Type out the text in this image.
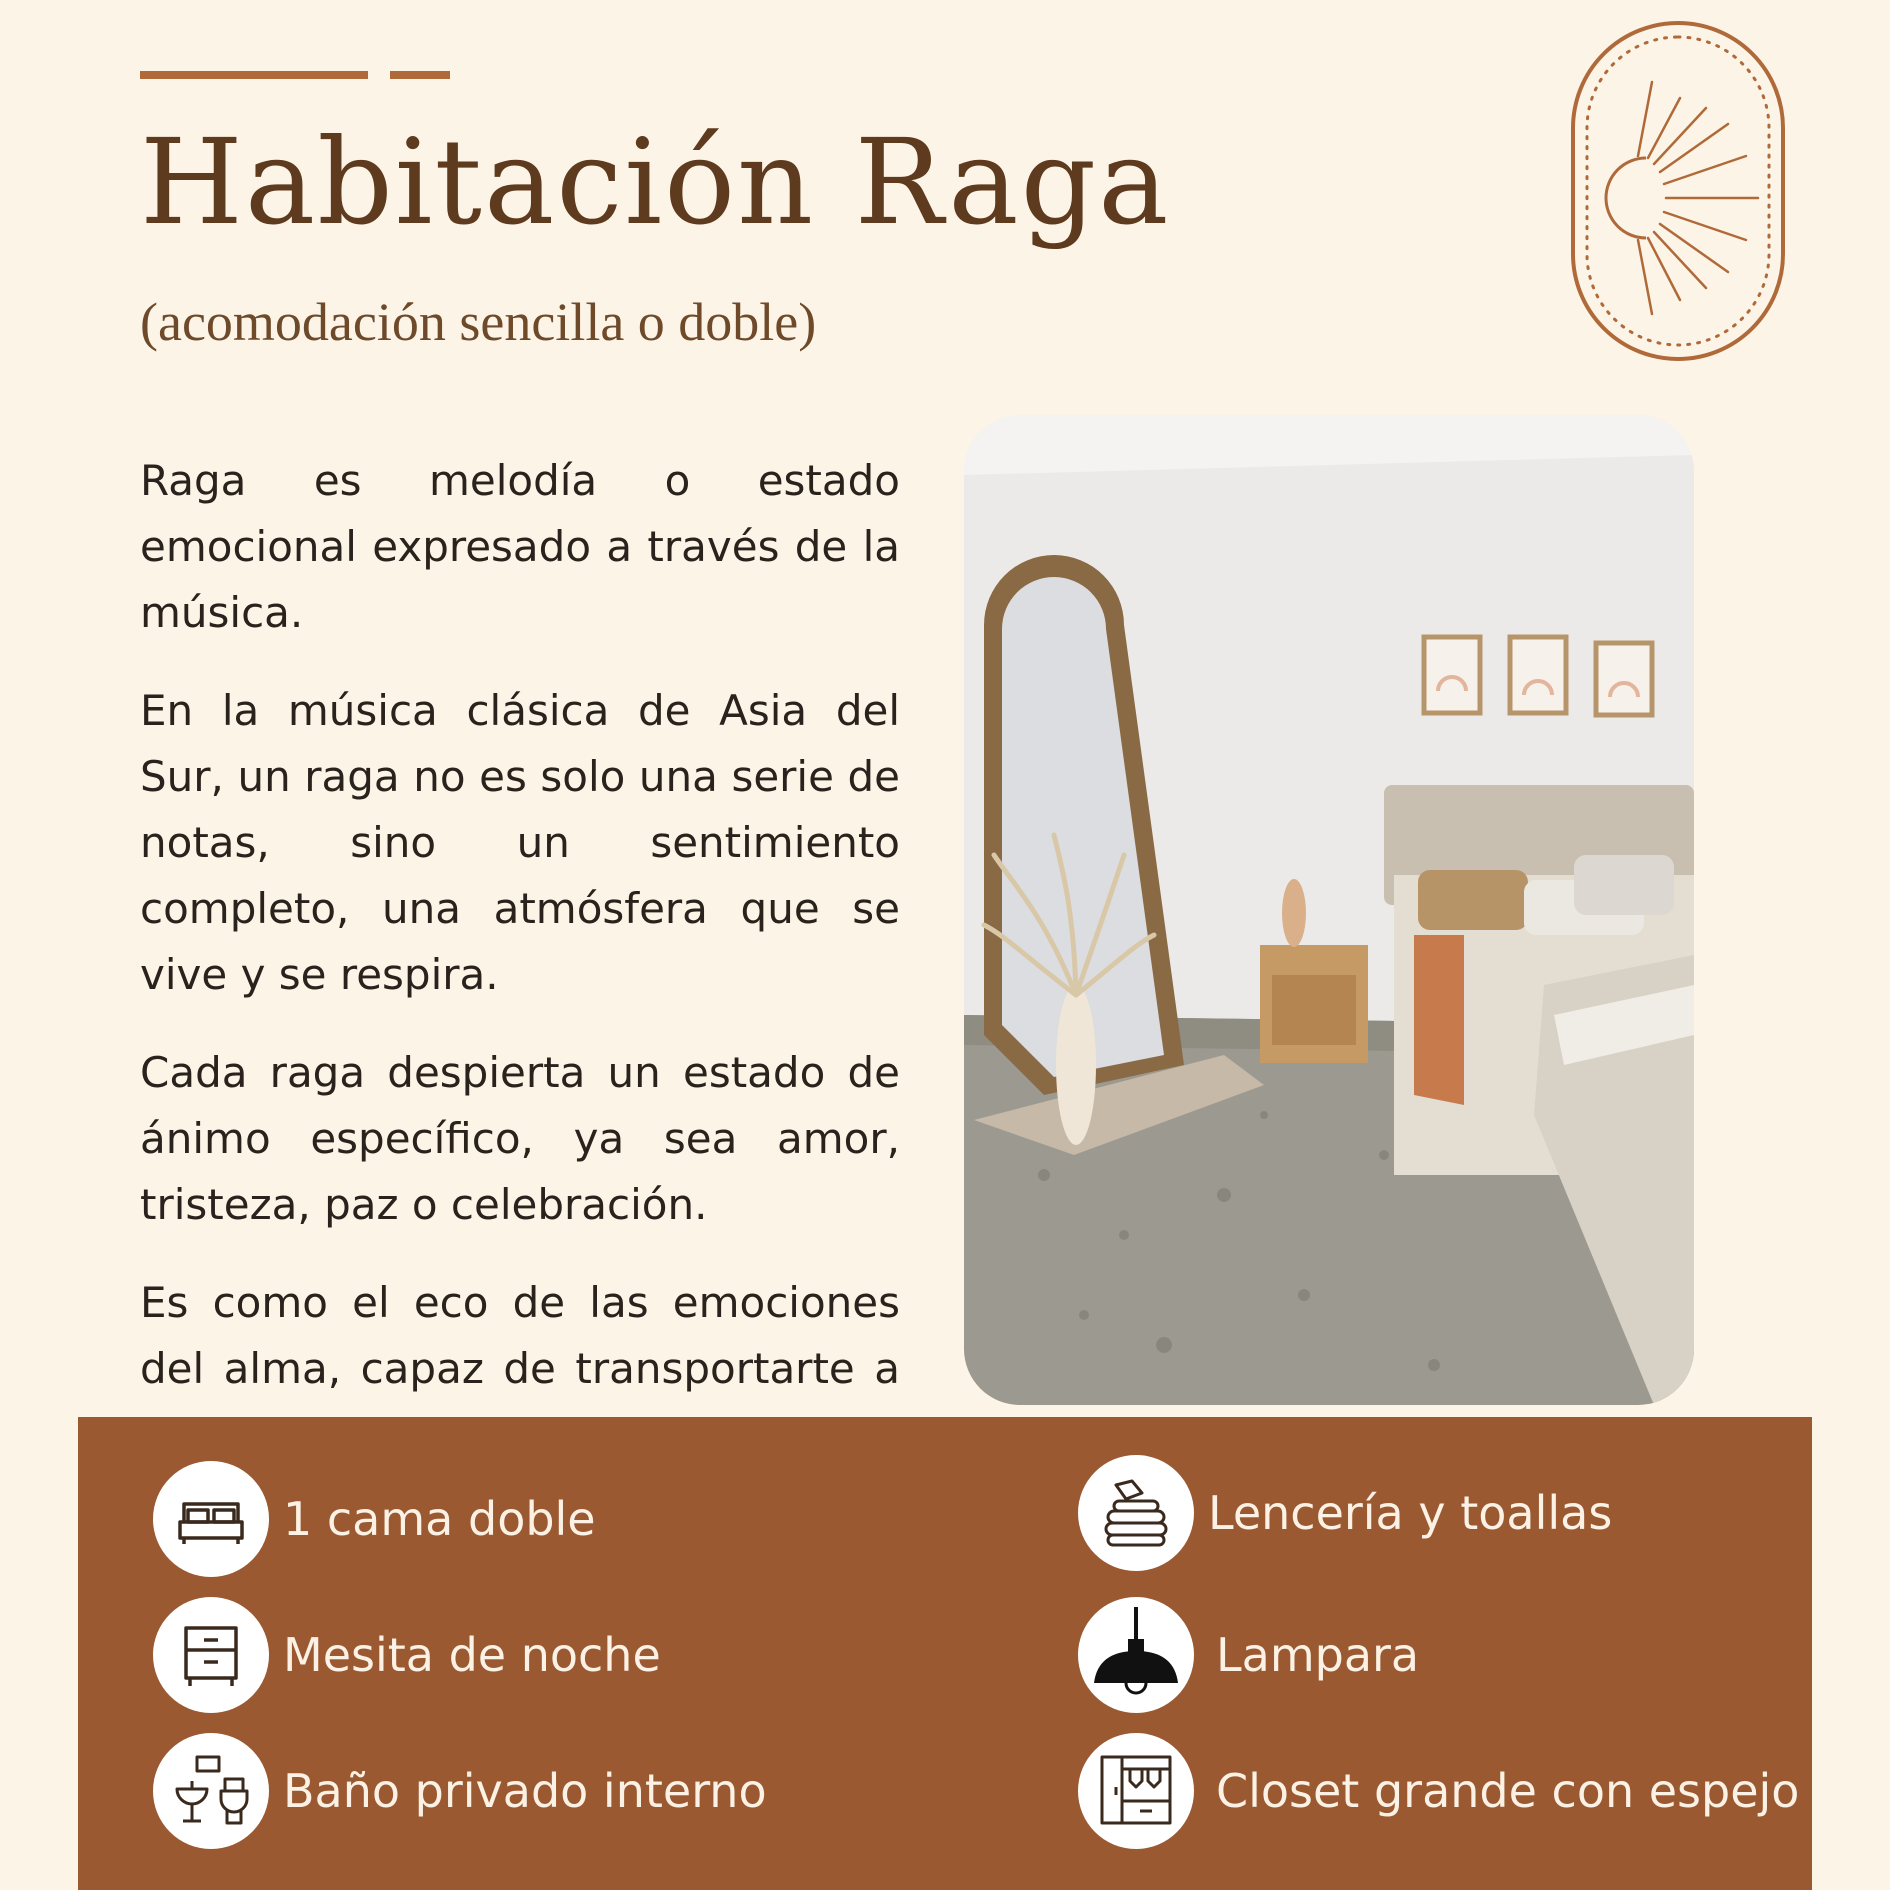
Habitación Raga
(acomodación sencilla o doble)

Raga es melodía o estado emocional expresado a través de la música.

En la música clásica de Asia del Sur, un raga no es solo una serie de notas, sino un sentimiento completo, una atmósfera que se vive y se respira.

Cada raga despierta un estado de ánimo específico, ya sea amor, tristeza, paz o celebración.

Es como el eco de las emociones del alma, capaz de transportarte a

1 cama doble
Mesita de noche
Baño privado interno
Lencería y toallas
Lampara
Closet grande con espejo
